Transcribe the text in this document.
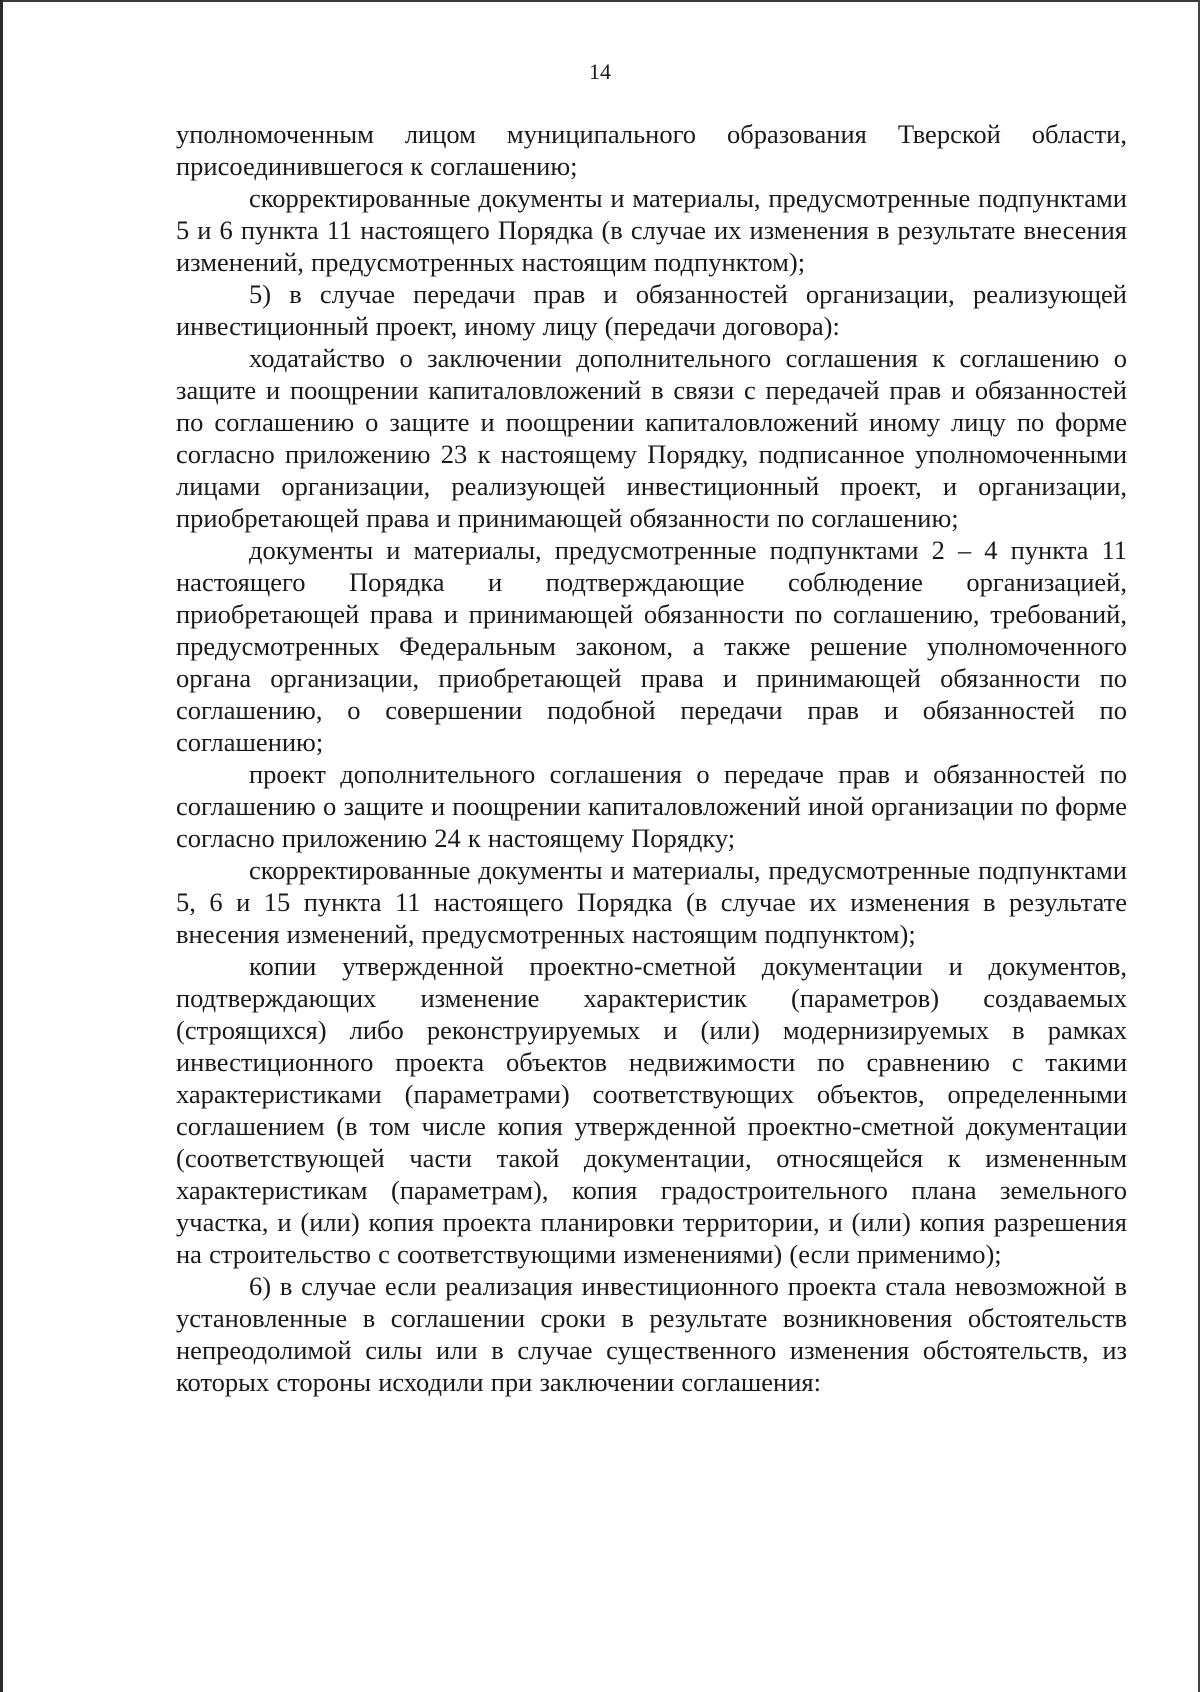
14

уполномоченным лицом муниципального образования Тверской области, присоединившегося к соглашению;

скорректированные документы и материалы, предусмотренные подпунктами 5 и 6 пункта 11 настоящего Порядка (в случае их изменения в результате внесения изменений, предусмотренных настоящим подпунктом);

5) в случае передачи прав и обязанностей организации, реализующей инвестиционный проект, иному лицу (передачи договора):

ходатайство о заключении дополнительного соглашения к соглашению о защите и поощрении капиталовложений в связи с передачей прав и обязанностей по соглашению о защите и поощрении капиталовложений иному лицу по форме согласно приложению 23 к настоящему Порядку, подписанное уполномоченными лицами организации, реализующей инвестиционный проект, и организации, приобретающей права и принимающей обязанности по соглашению;

документы и материалы, предусмотренные подпунктами 2 – 4 пункта 11 настоящего Порядка и подтверждающие соблюдение организацией, приобретающей права и принимающей обязанности по соглашению, требований, предусмотренных Федеральным законом, а также решение уполномоченного органа организации, приобретающей права и принимающей обязанности по соглашению, о совершении подобной передачи прав и обязанностей по соглашению;

проект дополнительного соглашения о передаче прав и обязанностей по соглашению о защите и поощрении капиталовложений иной организации по форме согласно приложению 24 к настоящему Порядку;

скорректированные документы и материалы, предусмотренные подпунктами 5, 6 и 15 пункта 11 настоящего Порядка (в случае их изменения в результате внесения изменений, предусмотренных настоящим подпунктом);

копии утвержденной проектно-сметной документации и документов, подтверждающих изменение характеристик (параметров) создаваемых (строящихся) либо реконструируемых и (или) модернизируемых в рамках инвестиционного проекта объектов недвижимости по сравнению с такими характеристиками (параметрами) соответствующих объектов, определенными соглашением (в том числе копия утвержденной проектно-сметной документации (соответствующей части такой документации, относящейся к измененным характеристикам (параметрам), копия градостроительного плана земельного участка, и (или) копия проекта планировки территории, и (или) копия разрешения на строительство с соответствующими изменениями) (если применимо);

6) в случае если реализация инвестиционного проекта стала невозможной в установленные в соглашении сроки в результате возникновения обстоятельств непреодолимой силы или в случае существенного изменения обстоятельств, из которых стороны исходили при заключении соглашения:
